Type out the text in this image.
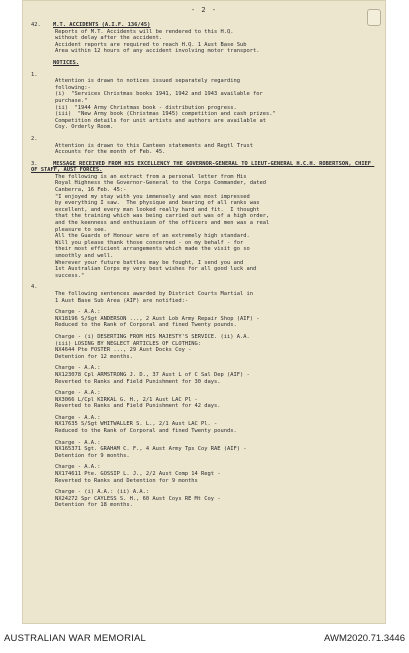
- 2 -
42. M.T. ACCIDENTS (A.I.F. 136/45)
Reports of M.T. Accidents will be rendered to this H.Q.
without delay after the accident.
Accident reports are required to reach H.Q. 1 Aust Base Sub
Area within 12 hours of any accident involving motor transport.
NOTICES.
1.
Attention is drawn to notices issued separately regarding
following:-
(i)  "Services Christmas books 1941, 1942 and 1943 available for
purchase."
(ii)  "1944 Army Christmas book - distribution progress.
(iii)  "New Army book (Christmas 1945) competition and cash prizes."
Competition details for unit artists and authors are available at
Coy. Orderly Room.
2.
Attention is drawn to this Canteen statements and Regtl Trust
Accounts for the month of Feb. 45.
3.	MESSAGE RECEIVED FROM HIS EXCELLENCY THE GOVERNOR-GENERAL TO LIEUT-GENERAL H.C.H. ROBERTSON, CHIEF OF STAFF, AUST FORCES.
The following is an extract from a personal letter from His
Royal Highness the Governor-General to the Corps Commander, dated
Canberra, 16 Feb. 45:-
"I enjoyed my stay with you immensely and was most impressed
by everything I saw.  The physique and bearing of all ranks was
excellent, and every man looked really hard and fit.  I thought
that the training which was being carried out was of a high order,
and the keenness and enthusiasm of the officers and men was a real
pleasure to see.
All the Guards of Honour were of an extremely high standard.
Will you please thank those concerned - on my behalf - for
their most efficient arrangements which made the visit go so
smoothly and well.
Wherever your future battles may be fought, I send you and
1st Australian Corps my very best wishes for all good luck and
success."
4.
The following sentences awarded by District Courts Martial in
1 Aust Base Sub Area (AIF) are notified:-
Charge - A.A.:
NX18196 S/Sgt ANDERSON ..., 2 Aust Lob Army Repair Shop (AIF) -
Reduced to the Rank of Corporal and fined Twenty pounds.
Charge - (i) DESERTING FROM HIS MAJESTY'S SERVICE. (ii) A.A.
(iii) LOSING BY NEGLECT ARTICLES OF CLOTHING:
NX4644 Pte FOSTER ..., 29 Aust Docks Coy -
Detention for 12 months.
Charge - A.A.:
NX123078 Cpl ARMSTRONG J. D., 37 Aust L of C Sal Dep (AIF) -
Reverted to Ranks and Field Punishment for 30 days.
Charge - A.A.:
NX3066 L/Cpl KIRKAL G. H., 2/1 Aust LAC Pl -
Reverted to Ranks and Field Punishment for 42 days.
Charge - A.A.:
NX17635 S/Sgt WHITWALLER S. L., 2/1 Aust LAC Pl. -
Reduced to the Rank of Corporal and fined Twenty pounds.
Charge - A.A.:
NX165371 Sgt. GRAHAM C. F., 4 Aust Army Tps Coy RAE (AIF) -
Detention for 9 months.
Charge - A.A.:
NX174611 Pte. GOSSIP L. J., 2/2 Aust Comp 14 Regt -
Reverted to Ranks and Detention for 9 months
Charge - (i) A.A.: (ii) A.A.:
NX24272 Spr CAYLESS S. H., 60 Aust Coys RE Mt Coy -
Detention for 18 months.
AUSTRALIAN WAR MEMORIAL	AWM2020.71.3446
